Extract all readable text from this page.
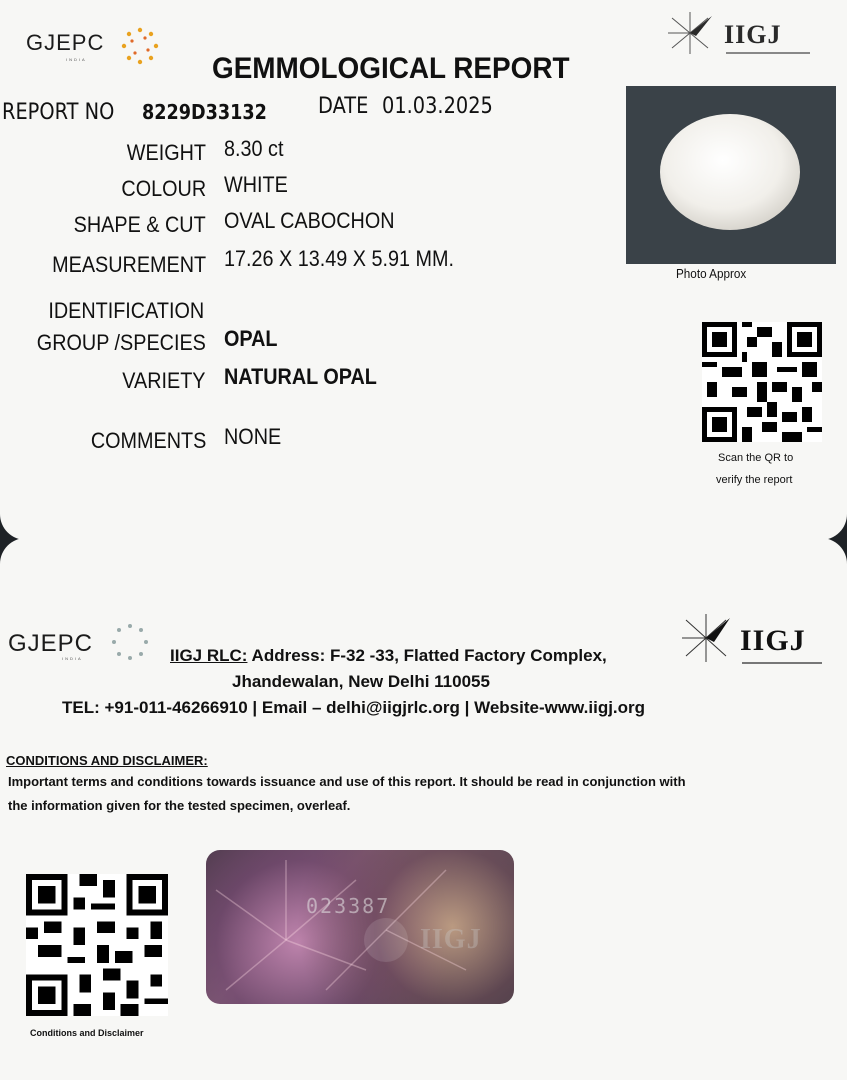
GJEPC
INDIA
IIGJ
GEMMOLOGICAL REPORT
REPORT NO 8229D33132 DATE 01.03.2025
WEIGHT 8.30 ct
COLOUR WHITE
SHAPE & CUT OVAL CABOCHON
MEASUREMENT 17.26 X 13.49 X 5.91 MM.
IDENTIFICATION
GROUP /SPECIES OPAL
VARIETY NATURAL OPAL
COMMENTS NONE
Photo Approx
Scan the QR to
verify the report
GJEPC
INDIA
IIGJ
IIGJ RLC: Address: F-32 -33, Flatted Factory Complex,
Jhandewalan, New Delhi 110055
TEL: +91-011-46266910 | Email – delhi@iigjrlc.org | Website-www.iigj.org
CONDITIONS AND DISCLAIMER:
Important terms and conditions towards issuance and use of this report. It should be read in conjunction with
the information given for the tested specimen, overleaf.
Conditions and Disclaimer
023387
IIGJ
